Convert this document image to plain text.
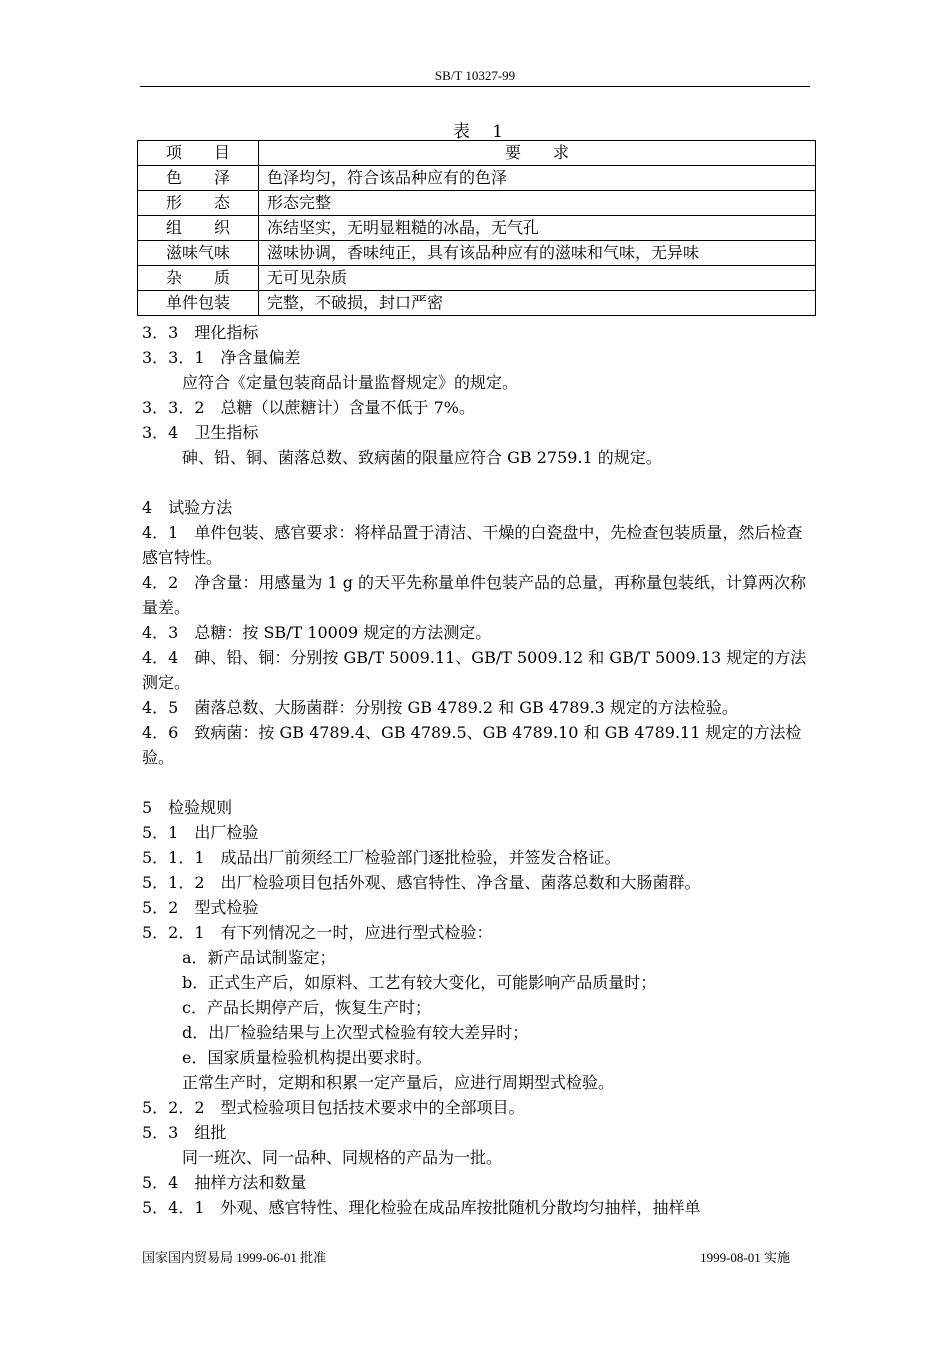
SB/T 10327-99
表　 1
项　　目	要　　求
色　　泽	色泽均匀，符合该品种应有的色泽
形　　态	形态完整
组　　织	冻结坚实，无明显粗糙的冰晶，无气孔
滋味气味	滋味协调，香味纯正，具有该品种应有的滋味和气味，无异味
杂　　质	无可见杂质
单件包装	完整，不破损，封口严密

3．3　理化指标

3．3．1　净含量偏差

应符合《定量包装商品计量监督规定》的规定。

3．3．2　总糖（以蔗糖计）含量不低于 7%。

3．4　卫生指标

砷、铅、铜、菌落总数、致病菌的限量应符合 GB 2759.1 的规定。

4　试验方法

4．1　单件包装、感官要求：将样品置于清洁、干燥的白瓷盘中，先检查包装质量，然后检查感官特性。

4．2　净含量：用感量为 1 g 的天平先称量单件包装产品的总量，再称量包装纸，计算两次称量差。

4．3　总糖：按 SB/T 10009 规定的方法测定。

4．4　砷、铅、铜：分别按 GB/T 5009.11、GB/T 5009.12 和 GB/T 5009.13 规定的方法测定。

4．5　菌落总数、大肠菌群：分别按 GB 4789.2 和 GB 4789.3 规定的方法检验。

4．6　致病菌：按 GB 4789.4、GB 4789.5、GB 4789.10 和 GB 4789.11 规定的方法检验。

5　检验规则

5．1　出厂检验

5．1．1　成品出厂前须经工厂检验部门逐批检验，并签发合格证。

5．1．2　出厂检验项目包括外观、感官特性、净含量、菌落总数和大肠菌群。

5．2　型式检验

5．2．1　有下列情况之一时，应进行型式检验：

a．新产品试制鉴定；

b．正式生产后，如原料、工艺有较大变化，可能影响产品质量时；

c．产品长期停产后，恢复生产时；

d．出厂检验结果与上次型式检验有较大差异时；

e．国家质量检验机构提出要求时。

正常生产时，定期和积累一定产量后，应进行周期型式检验。

5．2．2　型式检验项目包括技术要求中的全部项目。

5．3　组批

同一班次、同一品种、同规格的产品为一批。

5．4　抽样方法和数量

5．4．1　外观、感官特性、理化检验在成品库按批随机分散均匀抽样，抽样单

国家国内贸易局 1999-06-01 批准	1999-08-01 实施
